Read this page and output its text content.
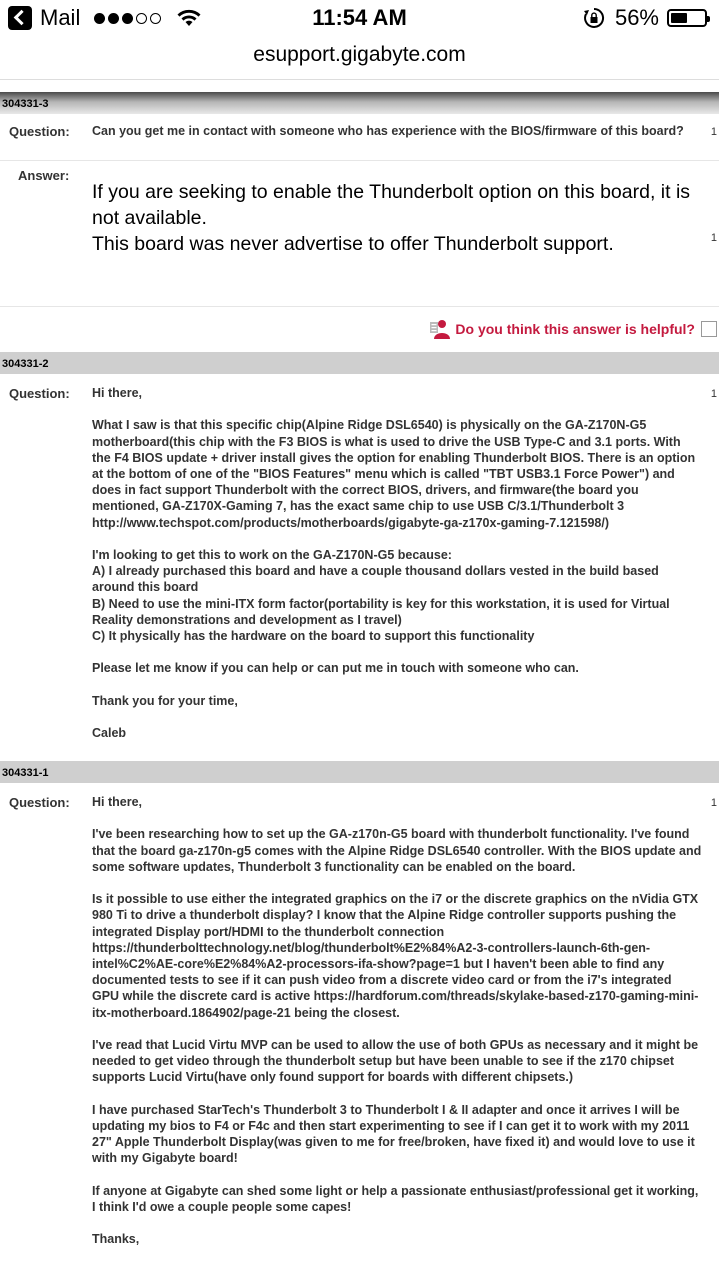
Mail	11:54 AM	56%
esupport.gigabyte.com
304331-3
Question: Can you get me in contact with someone who has experience with the BIOS/firmware of this board?	1
Answer:

If you are seeking to enable the Thunderbolt option on this board, it is not available.

This board was never advertise to offer Thunderbolt support.	1
Do you think this answer is helpful?
304331-2
Question: Hi there,

What I saw is that this specific chip(Alpine Ridge DSL6540) is physically on the GA-Z170N-G5 motherboard(this chip with the F3 BIOS is what is used to drive the USB Type-C and 3.1 ports. With the F4 BIOS update + driver install gives the option for enabling Thunderbolt BIOS. There is an option at the bottom of one of the "BIOS Features" menu which is called "TBT USB3.1 Force Power") and does in fact support Thunderbolt with the correct BIOS, drivers, and firmware(the board you mentioned, GA-Z170X-Gaming 7, has the exact same chip to use USB C/3.1/Thunderbolt 3 http://www.techspot.com/products/motherboards/gigabyte-ga-z170x-gaming-7.121598/)

I'm looking to get this to work on the GA-Z170N-G5 because:

A) I already purchased this board and have a couple thousand dollars vested in the build based around this board

B) Need to use the mini-ITX form factor(portability is key for this workstation, it is used for Virtual Reality demonstrations and development as I travel)

C) It physically has the hardware on the board to support this functionality

Please let me know if you can help or can put me in touch with someone who can.

Thank you for your time,

Caleb

1
304331-1
Question: Hi there,

I've been researching how to set up the GA-z170n-G5 board with thunderbolt functionality. I've found that the board ga-z170n-g5 comes with the Alpine Ridge DSL6540 controller. With the BIOS update and some software updates, Thunderbolt 3 functionality can be enabled on the board.

Is it possible to use either the integrated graphics on the i7 or the discrete graphics on the nVidia GTX 980 Ti to drive a thunderbolt display? I know that the Alpine Ridge controller supports pushing the integrated Display port/HDMI to the thunderbolt connection https://thunderbolttechnology.net/blog/thunderbolt%E2%84%A2-3-controllers-launch-6th-gen-intel%C2%AE-core%E2%84%A2-processors-ifa-show?page=1 but I haven't been able to find any documented tests to see if it can push video from a discrete video card or from the i7's integrated GPU while the discrete card is active https://hardforum.com/threads/skylake-based-z170-gaming-mini-itx-motherboard.1864902/page-21 being the closest.

I've read that Lucid Virtu MVP can be used to allow the use of both GPUs as necessary and it might be needed to get video through the thunderbolt setup but have been unable to see if the z170 chipset supports Lucid Virtu(have only found support for boards with different chipsets.)

I have purchased StarTech's Thunderbolt 3 to Thunderbolt I & II adapter and once it arrives I will be updating my bios to F4 or F4c and then start experimenting to see if I can get it to work with my 2011 27" Apple Thunderbolt Display(was given to me for free/broken, have fixed it) and would love to use it with my Gigabyte board!

If anyone at Gigabyte can shed some light or help a passionate enthusiast/professional get it working, I think I'd owe a couple people some capes!

Thanks,

1
